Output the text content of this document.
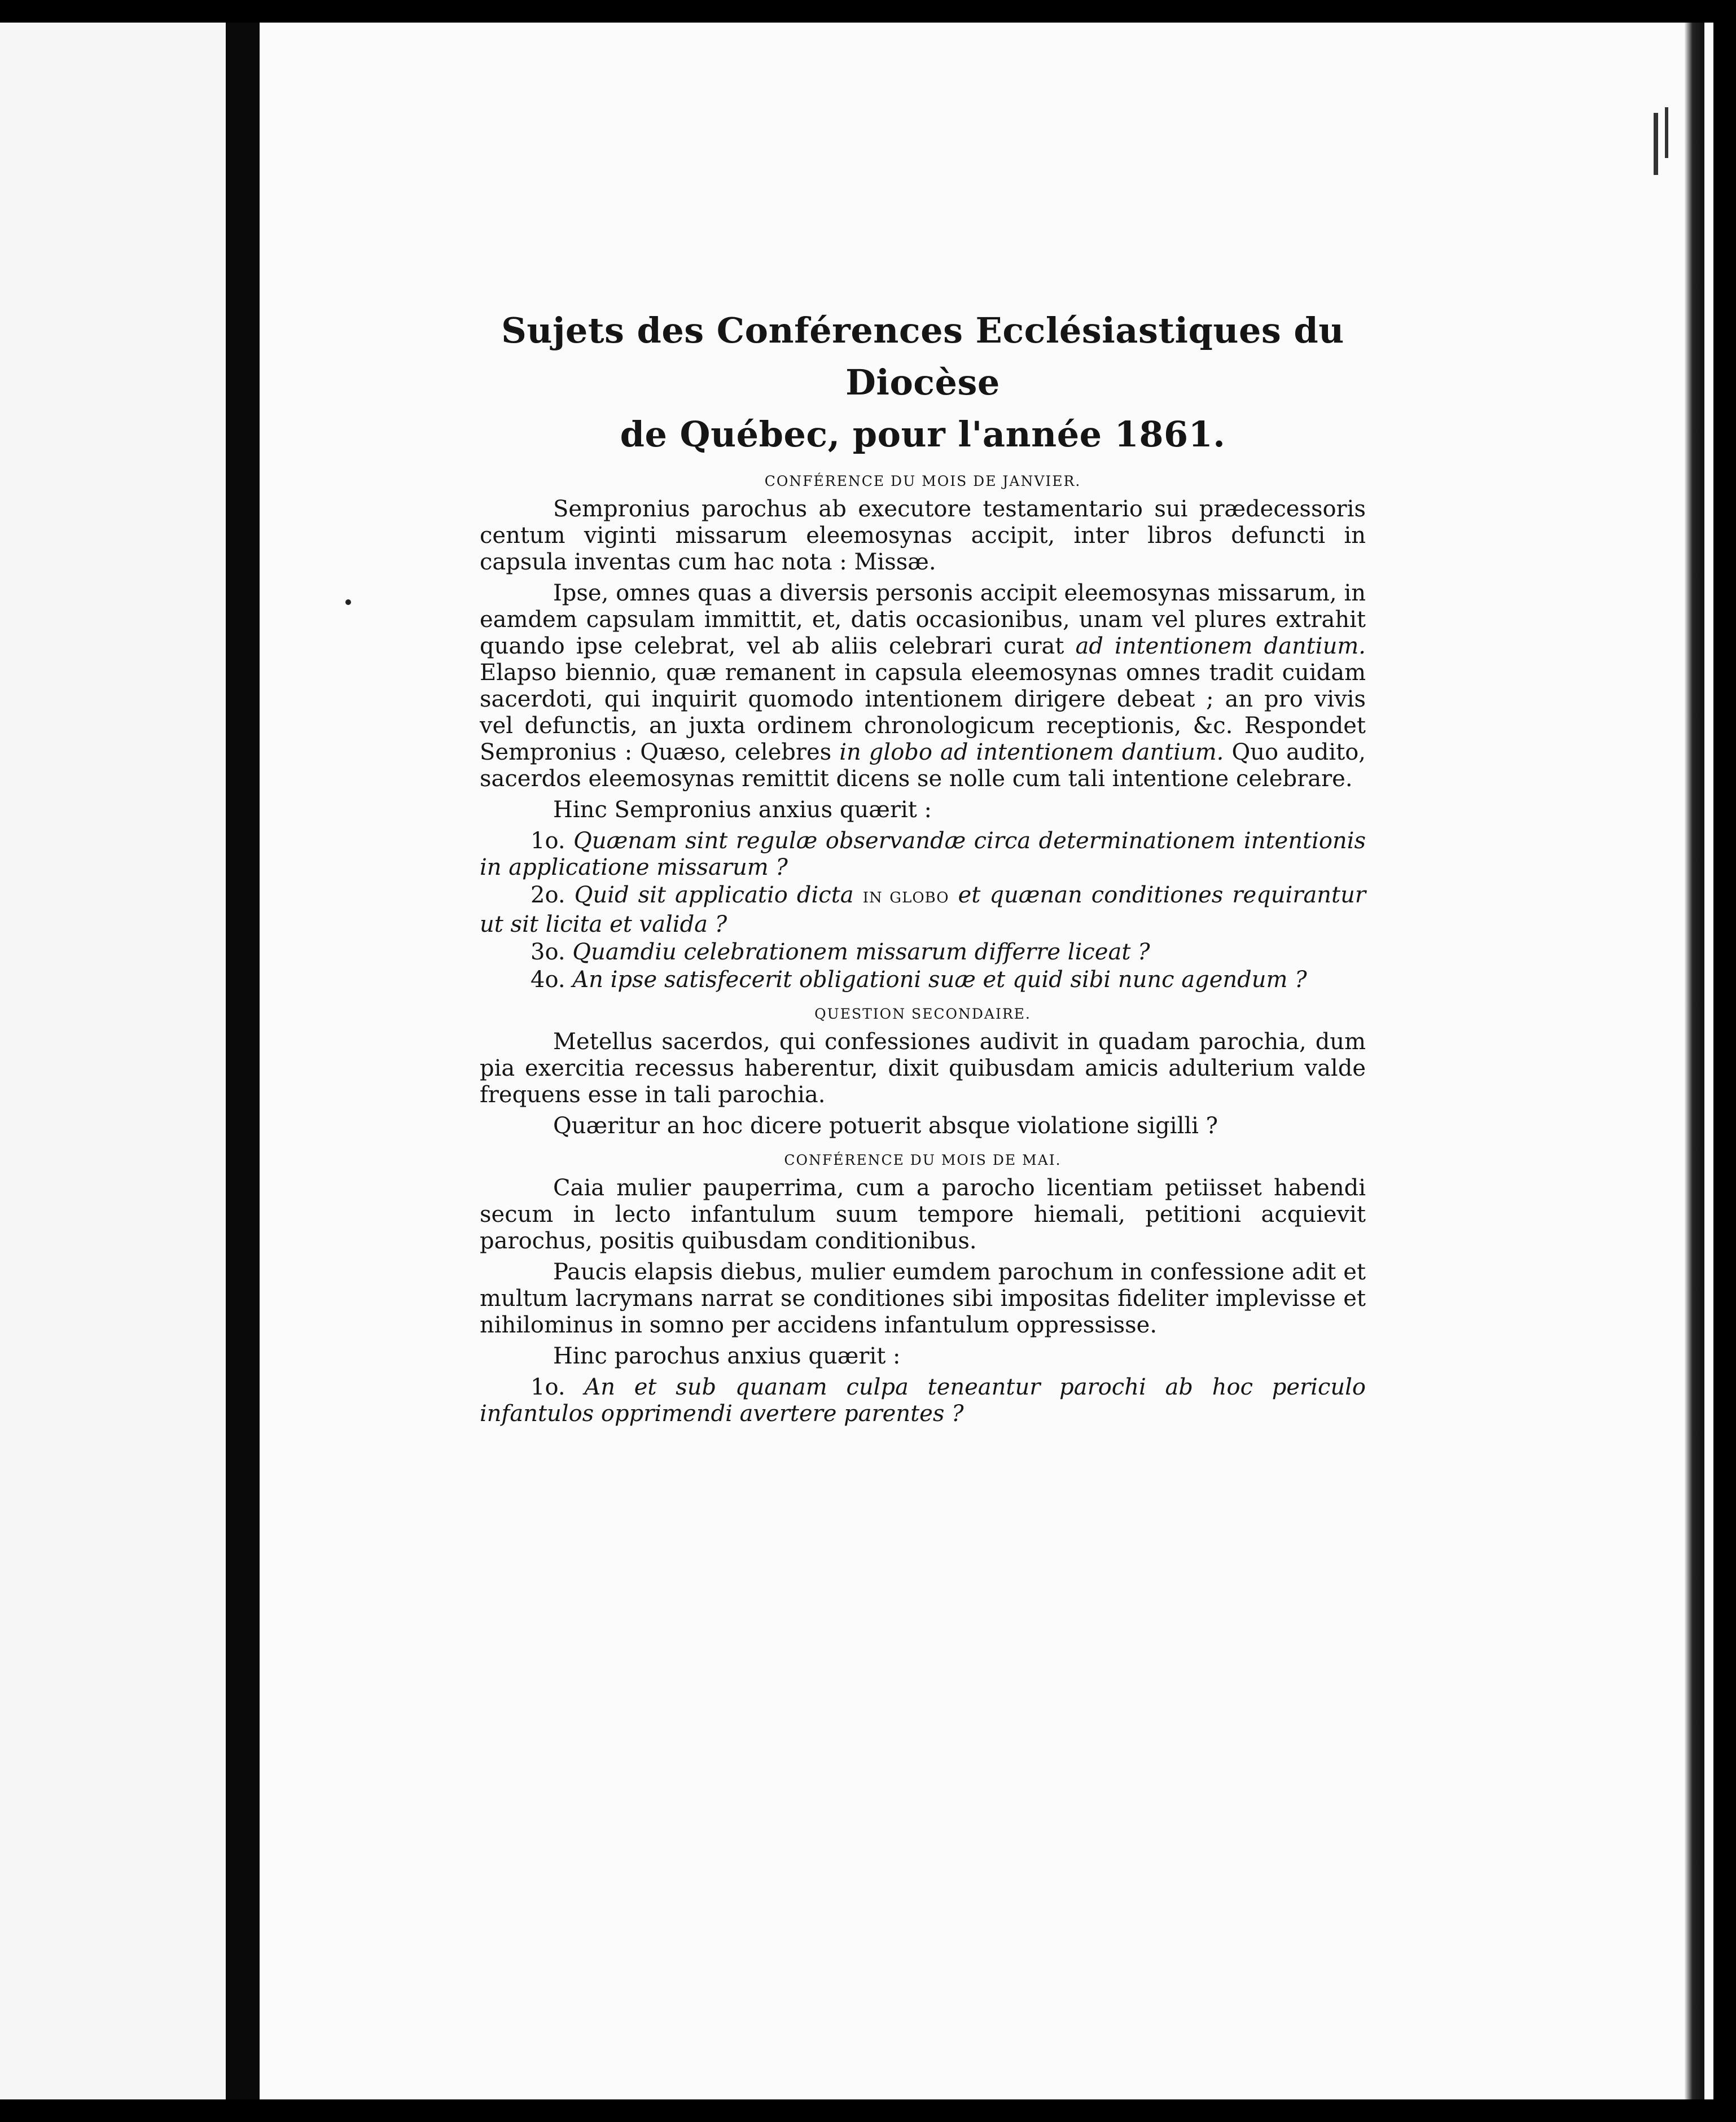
Sujets des Conférences Ecclésiastiques du Diocèse
de Québec, pour l'année 1861.
CONFÉRENCE DU MOIS DE JANVIER.

Sempronius parochus ab executore testamentario sui prædecessoris centum viginti missarum eleemosynas accipit, inter libros defuncti in capsula inventas cum hac nota : Missæ.

Ipse, omnes quas a diversis personis accipit eleemosynas missarum, in eamdem capsulam immittit, et, datis occasionibus, unam vel plures extrahit quando ipse celebrat, vel ab aliis celebrari curat ad intentionem dantium. Elapso biennio, quæ remanent in capsula eleemosynas omnes tradit cuidam sacerdoti, qui inquirit quomodo intentionem dirigere debeat ; an pro vivis vel defunctis, an juxta ordinem chronologicum receptionis, &c. Respondet Sempronius : Quæso, celebres in globo ad intentionem dantium. Quo audito, sacerdos eleemosynas remittit dicens se nolle cum tali intentione celebrare.

Hinc Sempronius anxius quærit :

1o. Quænam sint regulæ observandæ circa determinationem intentionis in applicatione missarum ?

2o. Quid sit applicatio dicta IN GLOBO et quænan conditiones requirantur ut sit licita et valida ?

3o. Quamdiu celebrationem missarum differre liceat ?

4o. An ipse satisfecerit obligationi suæ et quid sibi nunc agendum ?

QUESTION SECONDAIRE.

Metellus sacerdos, qui confessiones audivit in quadam parochia, dum pia exercitia recessus haberentur, dixit quibusdam amicis adulterium valde frequens esse in tali parochia.

Quæritur an hoc dicere potuerit absque violatione sigilli ?

CONFÉRENCE DU MOIS DE MAI.

Caia mulier pauperrima, cum a parocho licentiam petiisset habendi secum in lecto infantulum suum tempore hiemali, petitioni acquievit parochus, positis quibusdam conditionibus.

Paucis elapsis diebus, mulier eumdem parochum in confessione adit et multum lacrymans narrat se conditiones sibi impositas fideliter implevisse et nihilominus in somno per accidens infantulum oppressisse.

Hinc parochus anxius quærit :

1o. An et sub quanam culpa teneantur parochi ab hoc periculo infantulos opprimendi avertere parentes ?
